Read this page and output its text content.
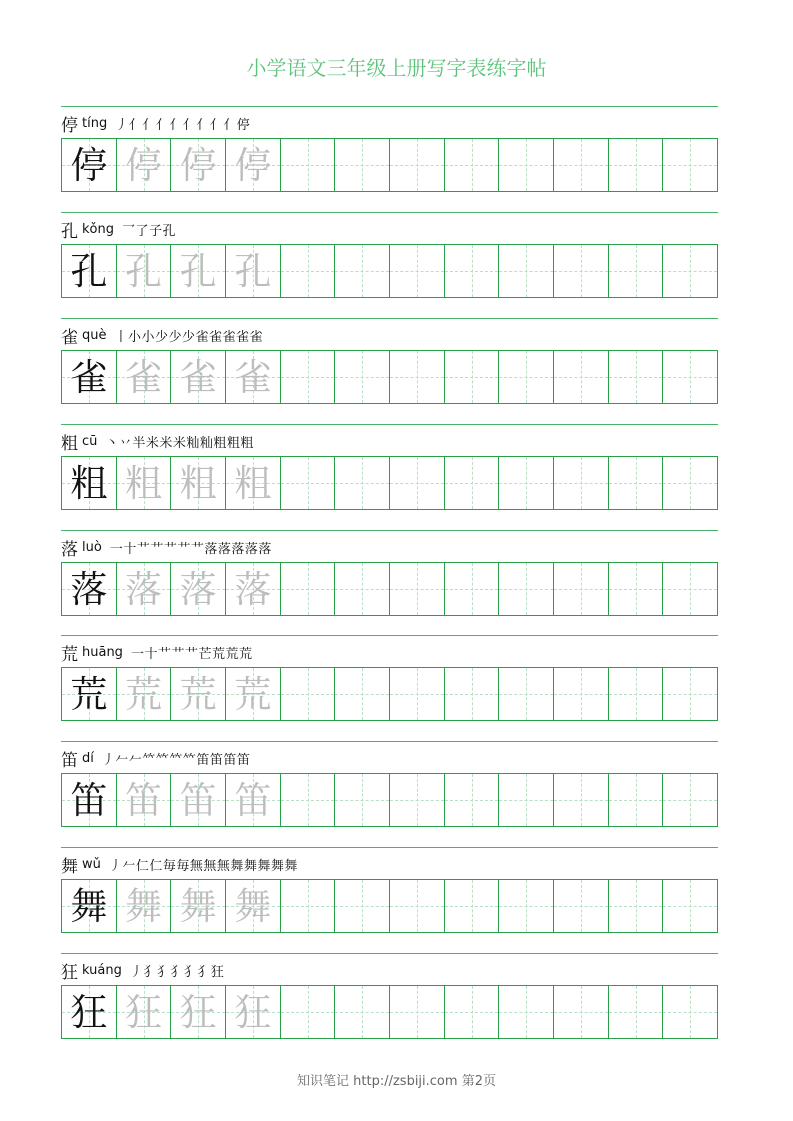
小学语文三年级上册写字表练字帖
停 tíng 丿亻亻亻亻亻亻亻亻停
停 停 停 停
孔 kǒng 乛了子孔
孔 孔 孔 孔
雀 què 丨小小少少少雀雀雀雀雀
雀 雀 雀 雀
粗 cū 丶丷半米米米籼籼粗粗粗
粗 粗 粗 粗
落 luò 一十艹艹艹艹艹落落落落落
落 落 落 落
荒 huāng 一十艹艹艹芒荒荒荒
荒 荒 荒 荒
笛 dí 丿𠂉𠂉𥫗𥫗𥫗𥫗笛笛笛笛
笛 笛 笛 笛
舞 wǔ 丿𠂉仁仁毎毎無無無舞舞舞舞舞
舞 舞 舞 舞
狂 kuáng 丿犭犭犭犭犭狂
狂 狂 狂 狂
知识笔记 http://zsbiji.com 第2页
